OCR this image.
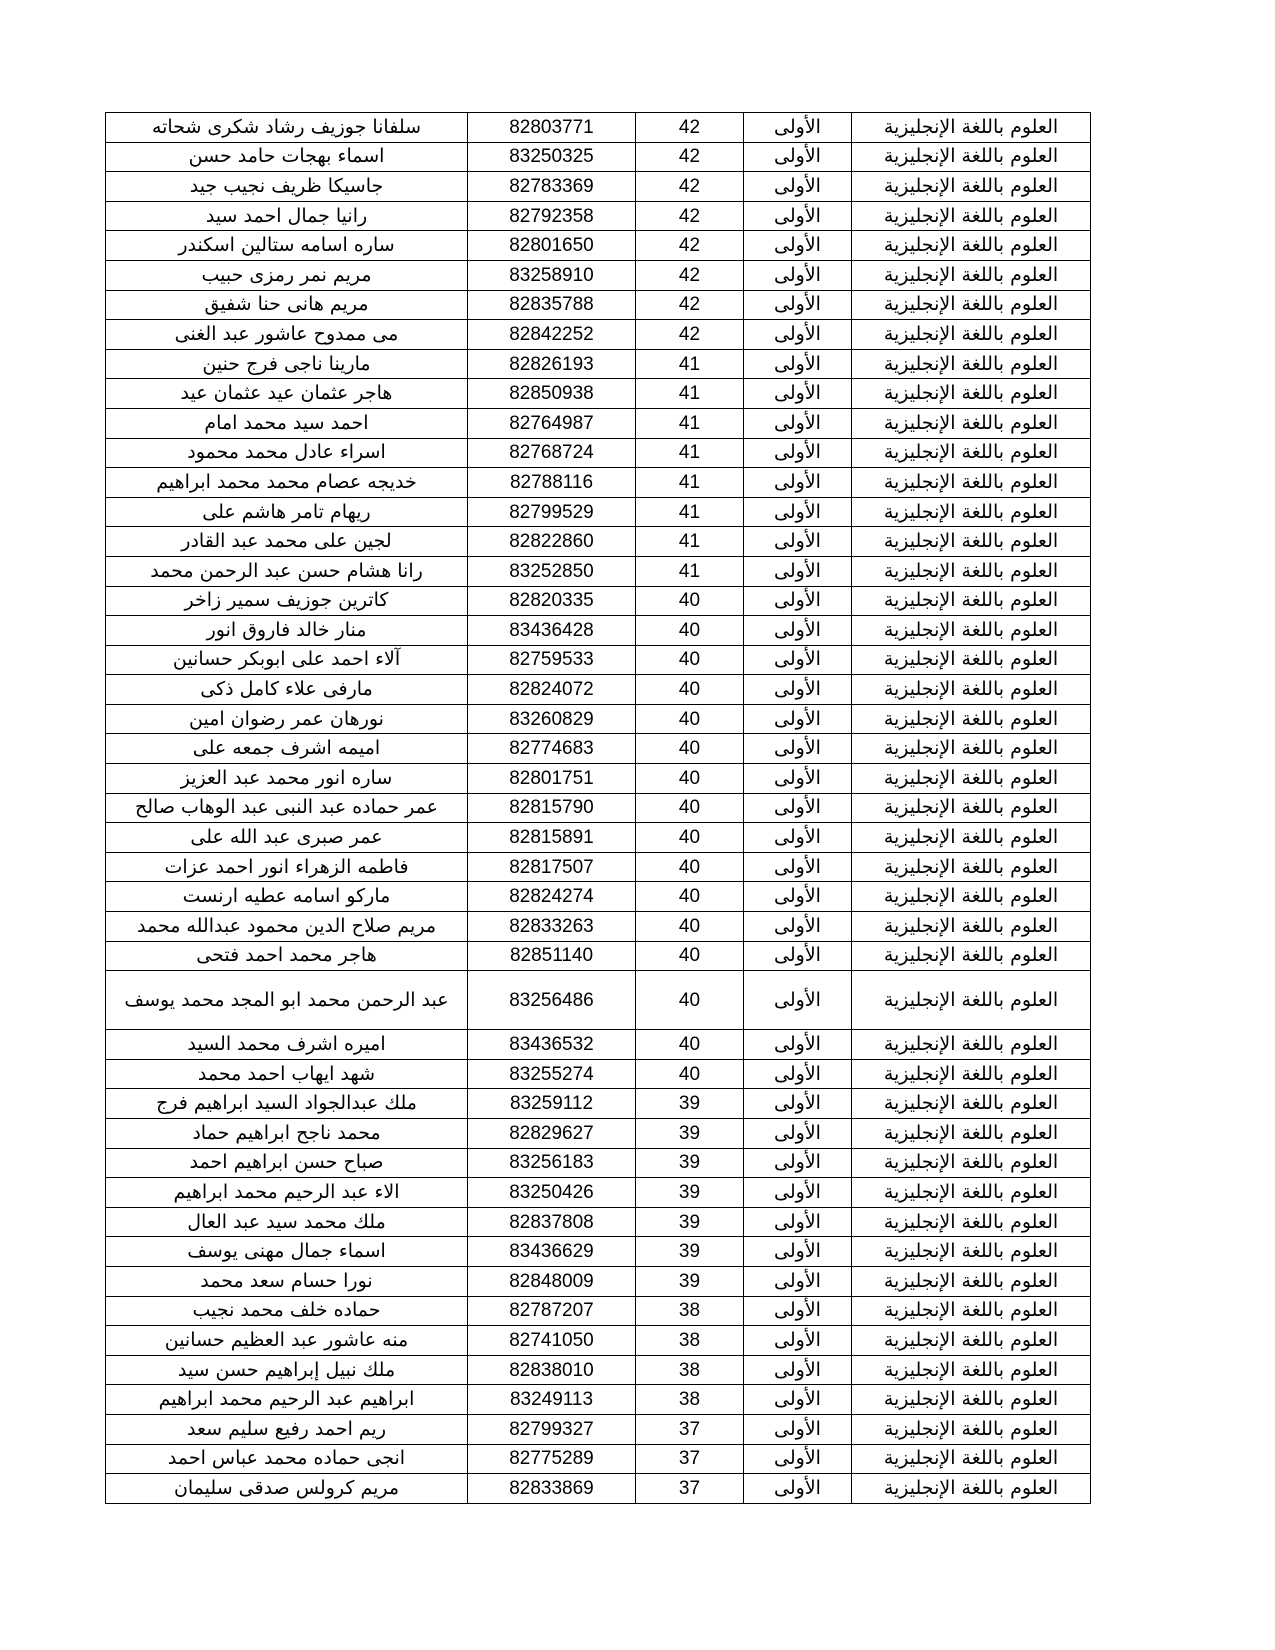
سلفانا جوزيف رشاد شكرى شحاته	82803771	42	الأولى	العلوم باللغة الإنجليزية
اسماء بهجات حامد حسن	83250325	42	الأولى	العلوم باللغة الإنجليزية
جاسيكا ظريف نجيب جيد	82783369	42	الأولى	العلوم باللغة الإنجليزية
رانيا جمال احمد سيد	82792358	42	الأولى	العلوم باللغة الإنجليزية
ساره اسامه ستالين اسكندر	82801650	42	الأولى	العلوم باللغة الإنجليزية
مريم نمر رمزى حبيب	83258910	42	الأولى	العلوم باللغة الإنجليزية
مريم هانى حنا شفيق	82835788	42	الأولى	العلوم باللغة الإنجليزية
مى ممدوح عاشور عبد الغنى	82842252	42	الأولى	العلوم باللغة الإنجليزية
مارينا ناجى فرج حنين	82826193	41	الأولى	العلوم باللغة الإنجليزية
هاجر عثمان عيد عثمان عيد	82850938	41	الأولى	العلوم باللغة الإنجليزية
احمد سيد محمد امام	82764987	41	الأولى	العلوم باللغة الإنجليزية
اسراء عادل محمد محمود	82768724	41	الأولى	العلوم باللغة الإنجليزية
خديجه عصام محمد محمد ابراهيم	82788116	41	الأولى	العلوم باللغة الإنجليزية
ريهام تامر هاشم على	82799529	41	الأولى	العلوم باللغة الإنجليزية
لجين على محمد عبد القادر	82822860	41	الأولى	العلوم باللغة الإنجليزية
رانا هشام حسن عبد الرحمن محمد	83252850	41	الأولى	العلوم باللغة الإنجليزية
كاترين جوزيف سمير زاخر	82820335	40	الأولى	العلوم باللغة الإنجليزية
منار خالد فاروق انور	83436428	40	الأولى	العلوم باللغة الإنجليزية
آلاء احمد على ابوبكر حسانين	82759533	40	الأولى	العلوم باللغة الإنجليزية
مارفى علاء كامل ذكى	82824072	40	الأولى	العلوم باللغة الإنجليزية
نورهان عمر رضوان امين	83260829	40	الأولى	العلوم باللغة الإنجليزية
اميمه اشرف جمعه على	82774683	40	الأولى	العلوم باللغة الإنجليزية
ساره انور محمد عبد العزيز	82801751	40	الأولى	العلوم باللغة الإنجليزية
عمر حماده عبد النبى عبد الوهاب صالح	82815790	40	الأولى	العلوم باللغة الإنجليزية
عمر صبرى عبد الله على	82815891	40	الأولى	العلوم باللغة الإنجليزية
فاطمه الزهراء انور احمد عزات	82817507	40	الأولى	العلوم باللغة الإنجليزية
ماركو اسامه عطيه ارنست	82824274	40	الأولى	العلوم باللغة الإنجليزية
مريم صلاح الدين محمود عبدالله محمد	82833263	40	الأولى	العلوم باللغة الإنجليزية
هاجر محمد احمد فتحى	82851140	40	الأولى	العلوم باللغة الإنجليزية
عبد الرحمن محمد ابو المجد محمد يوسف	83256486	40	الأولى	العلوم باللغة الإنجليزية
اميره اشرف محمد السيد	83436532	40	الأولى	العلوم باللغة الإنجليزية
شهد ايهاب احمد محمد	83255274	40	الأولى	العلوم باللغة الإنجليزية
ملك عبدالجواد السيد ابراهيم فرج	83259112	39	الأولى	العلوم باللغة الإنجليزية
محمد ناجح ابراهيم حماد	82829627	39	الأولى	العلوم باللغة الإنجليزية
صباح حسن ابراهيم احمد	83256183	39	الأولى	العلوم باللغة الإنجليزية
الاء عبد الرحيم محمد ابراهيم	83250426	39	الأولى	العلوم باللغة الإنجليزية
ملك محمد سيد عبد العال	82837808	39	الأولى	العلوم باللغة الإنجليزية
اسماء جمال مهنى يوسف	83436629	39	الأولى	العلوم باللغة الإنجليزية
نورا حسام سعد محمد	82848009	39	الأولى	العلوم باللغة الإنجليزية
حماده خلف محمد نجيب	82787207	38	الأولى	العلوم باللغة الإنجليزية
منه عاشور عبد العظيم حسانين	82741050	38	الأولى	العلوم باللغة الإنجليزية
ملك نبيل إبراهيم حسن سيد	82838010	38	الأولى	العلوم باللغة الإنجليزية
ابراهيم عبد الرحيم محمد ابراهيم	83249113	38	الأولى	العلوم باللغة الإنجليزية
ريم احمد رفيع سليم سعد	82799327	37	الأولى	العلوم باللغة الإنجليزية
انجى حماده محمد عباس احمد	82775289	37	الأولى	العلوم باللغة الإنجليزية
مريم كرولس صدقى سليمان	82833869	37	الأولى	العلوم باللغة الإنجليزية
